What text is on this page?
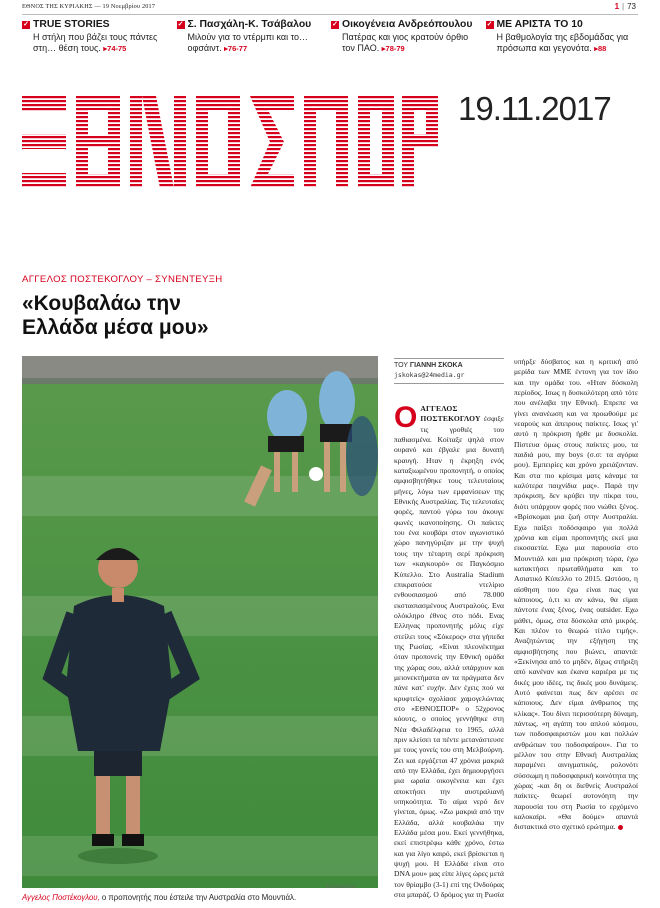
ΕΘΝΟΣ ΤΗΣ ΚΥΡΙΑΚΗΣ — 19 Νοεμβρίου 2017	1 | 73
✓ TRUE STORIES
Η στήλη που βάζει τους πάντες στη… θέση τους. ▸74-75
✓ Σ. Πασχάλη-Κ. Τσάβαλου
Μιλούν για το ντέρμπι και το… οφσάιντ. ▸76-77
✓ Οικογένεια Ανδρεόπουλου
Πατέρας και γιος κρατούν όρθιο τον ΠΑΟ. ▸78-79
✓ ΜΕ ΑΡΙΣΤΑ ΤΟ 10
Η βαθμολογία της εβδομάδας για πρόσωπα και γεγονότα. ▸88
19.11.2017
ΑΓΓΕΛΟΣ ΠΟΣΤΕΚΟΓΛΟΥ – ΣΥΝΕΝΤΕΥΞΗ
«Κουβαλάω την
Ελλάδα μέσα μου»
EUROKINISSI
Αγγελος Ποστέκογλου, ο προπονητής που έστειλε την Αυστραλία στο Μουντιάλ.
ΤΟΥ ΓΙΑΝΝΗ ΣΚΟΚΑ
jskokas@24media.gr

ΟΑΓΓΕΛΟΣ ΠΟΣΤΕΚΟΓΛΟΥ έσφιξε τις γροθιές του παθιασμένα. Κοίταξε ψηλά στον ουρανό και έβγαλε μια δυνατή κραυγή. Ηταν η έκρηξη ενός καταξιωμένου προπονητή, ο οποίος αμφισβητήθηκε τους τελευταίους μήνες, λόγω των εμφανίσεων της Εθνικής Αυστραλίας. Τις τελευταίες φορές, παντού γύρω του άκουγε φωνές ικανοποίησης. Οι παίκτες του ένα κουβάρι στον αγωνιστικό χώρο πανηγύριζαν με την ψυχή τους την τέταρτη σερί πρόκριση των «καγκουρό» σε Παγκόσμιο Κύπελλο. Στο Australia Stadium επικρατούσε ντελίριο ενθουσιασμού από 78.000 εκστασιασμένους Αυστραλούς. Ενα ολόκληρο έθνος στο πόδι. Ενας Ελληνας προπονητής μόλις είχε στείλει τους «Σόκερος» στα γήπεδα της Ρωσίας. «Είναι πλεονέκτημα όταν προπονείς την Εθνική ομάδα της χώρας σου, αλλά υπάρχουν και μειονεκτήματα αν τα πράγματα δεν πάνε κατ' ευχήν. Δεν έχεις πού να κρυφτείς» σχολίασε χαμογελώντας στο «ΕΘΝΟΣΠΟΡ» ο 52χρονος κόουτς, ο οποίος γεννήθηκε στη Νέα Φιλαδέλφεια το 1965, αλλά πριν κλείσει τα πέντε μετανάστευσε με τους γονείς του στη Μελβούρνη. Ζει και εργάζεται 47 χρόνια μακριά από την Ελλάδα, έχει δημιουργήσει μια ωραία οικογένεια και έχει αποκτήσει την αυστραλιανή υπηκοότητα. Το αίμα νερό δεν γίνεται, όμως. «Ζω μακριά από την Ελλάδα, αλλά κουβαλάω την Ελλάδα μέσα μου. Εκεί γεννήθηκα, εκεί επιστρέφω κάθε χρόνο, έστω και για λίγο καιρό, εκεί βρίσκεται η ψυχή μου. Η Ελλάδα είναι στο DNA μου» μας είπε λίγες ώρες μετά τον θρίαμβο (3-1) επί της Ονδούρας στα μπαράζ. Ο δρόμος για τη Ρωσία

υπήρξε δύσβατος και η κριτική από μερίδα των ΜΜΕ έντονη για τον ίδιο και την ομάδα του. «Ηταν δύσκολη περίοδος. Ισως η δυσκολότερη από τότε που ανέλαβα την Εθνική. Επρεπε να γίνει ανανέωση και να προωθούμε με νεαρούς και άπειρους παίκτες. Ισως γι' αυτό η πρόκριση ήρθε με δυσκολία. Πίστευα όμως στους παίκτες μου, τα παιδιά μου, my boys (σ.σ: τα αγόρια μου). Εμπειρίες και χρόνο χρειάζονταν. Και στα πιο κρίσιμα ματς κάναμε τα καλύτερα παιχνίδια μας». Παρά την πρόκριση, δεν κρύβει την πίκρα του, διότι υπάρχουν φορές που νιώθει ξένος. «Βρίσκομαι μια ζωή στην Αυστραλία. Εχω παίξει ποδόσφαιρο για πολλά χρόνια και είμαι προπονητής εκεί μια εικοσαετία. Εχω μια παρουσία στο Μουντιάλ και μια πρόκριση τώρα, έχω κατακτήσει πρωταθλήματα και το Ασιατικό Κύπελλο το 2015. Ωστόσο, η αίσθηση που έχω είναι πως για κάποιους, ό,τι κι αν κάνω, θα είμαι πάντοτε ένας ξένος, ένας outsider. Εχω μάθει, όμως, στα δύσκολα από μικρός. Και πλέον το θεωρώ τίτλο τιμής». Αναζητώντας την εξήγηση της αμφισβήτησης που βιώνει, απαντά: «Ξεκίνησα από το μηδέν, δίχως στήριξη από κανέναν και έκανα καριέρα με τις δικές μου ιδέες, τις δικές μου δυνάμεις. Αυτό φαίνεται πως δεν αρέσει σε κάποιους. Δεν είμαι άνθρωπος της κλίκας». Του δίνει περισσότερη δύναμη, πάντως, «η αγάπη του απλού κόσμου, των ποδοσφαιριστών μου και πολλών ανθρώπων του ποδοσφαίρου». Για το μέλλον του στην Εθνική Αυστραλίας παραμένει αινιγματικός, ρολονότι σύσσωμη η ποδοσφαιρική κοινότητα της χώρας -και δη οι διεθνείς Αυστραλοί παίκτες- θεωρεί αυτονόητη την παρουσία του στη Ρωσία το ερχόμενο καλοκαίρι. «Θα δούμε» απαντά διστακτικά στο σχετικό ερώτημα.
